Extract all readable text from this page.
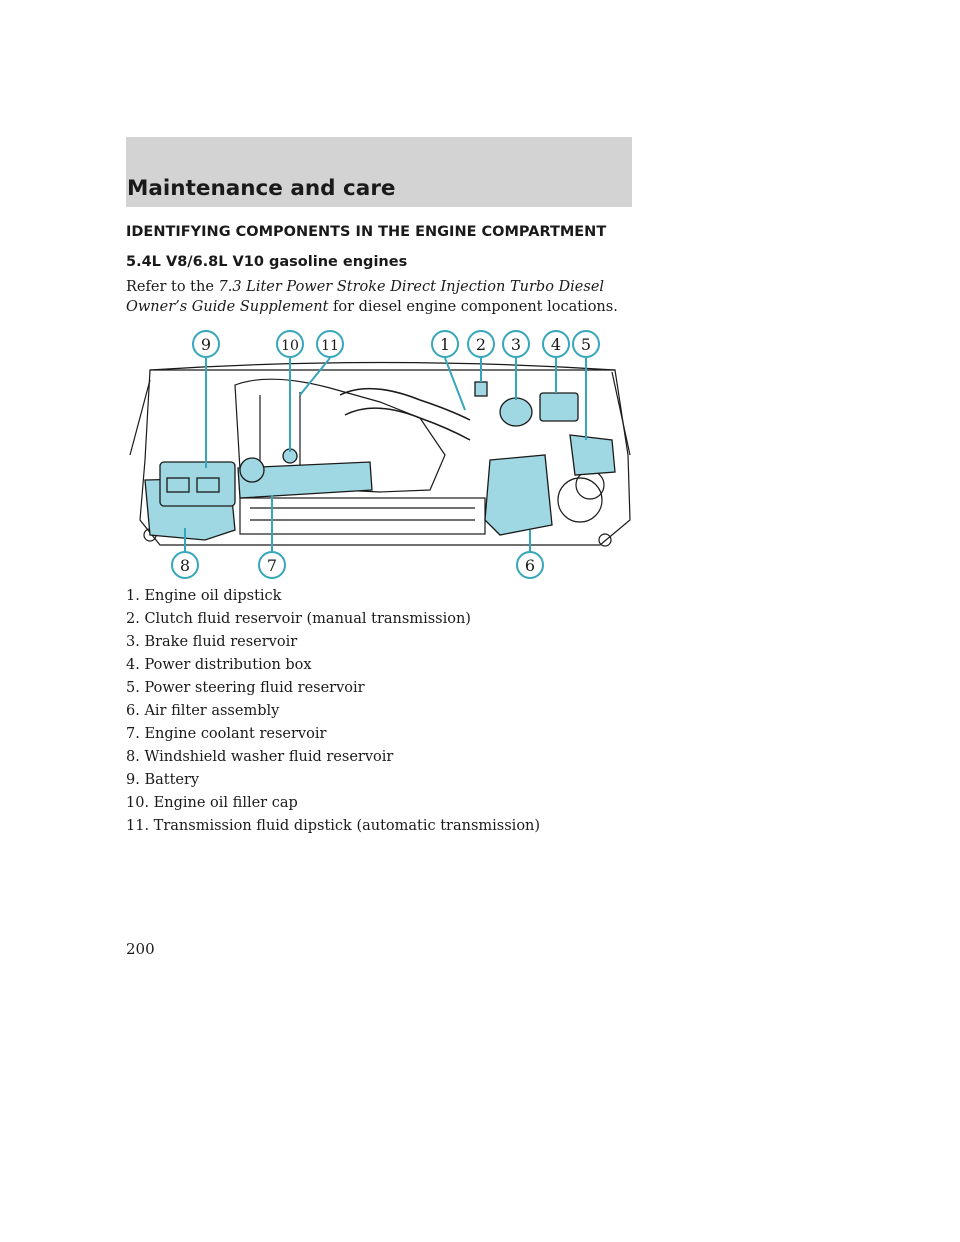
Maintenance and care
IDENTIFYING COMPONENTS IN THE ENGINE COMPARTMENT
5.4L V8/6.8L V10 gasoline engines
Refer to the 7.3 Liter Power Stroke Direct Injection Turbo Diesel
Owner’s Guide Supplement for diesel engine component locations.
9	10 11	1 2 3 4 5
8	7	6
1. Engine oil dipstick
2. Clutch fluid reservoir (manual transmission)
3. Brake fluid reservoir
4. Power distribution box
5. Power steering fluid reservoir
6. Air filter assembly
7. Engine coolant reservoir
8. Windshield washer fluid reservoir
9. Battery
10. Engine oil filler cap
11. Transmission fluid dipstick (automatic transmission)
200
